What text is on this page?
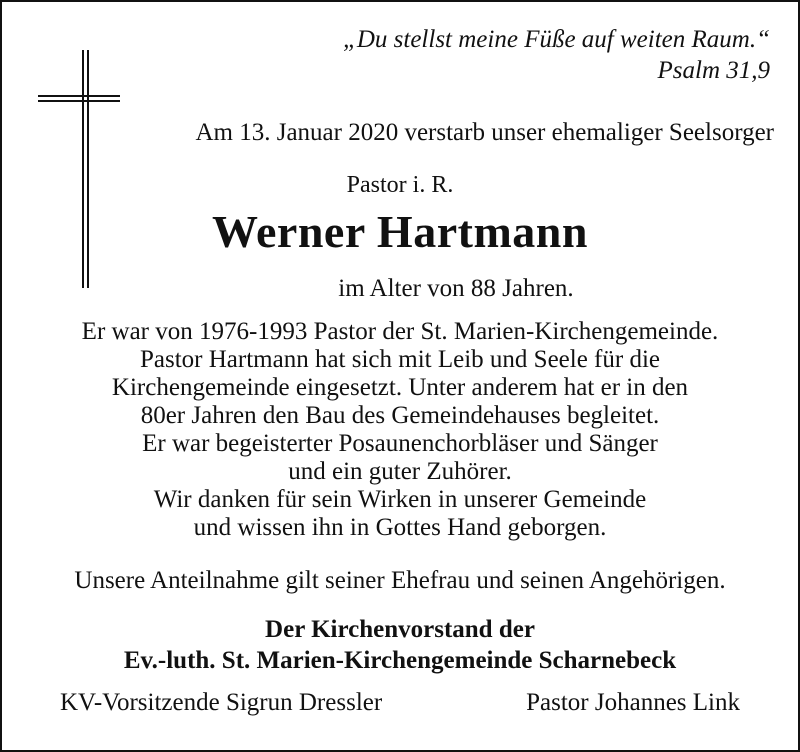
„Du stellst meine Füße auf weiten Raum.“
Psalm 31,9
Am 13. Januar 2020 verstarb unser ehemaliger Seelsorger
Pastor i. R.
Werner Hartmann
im Alter von 88 Jahren.
Er war von 1976-1993 Pastor der St. Marien-Kirchengemeinde.
Pastor Hartmann hat sich mit Leib und Seele für die
Kirchengemeinde eingesetzt. Unter anderem hat er in den
80er Jahren den Bau des Gemeindehauses begleitet.
Er war begeisterter Posaunenchorbläser und Sänger
und ein guter Zuhörer.
Wir danken für sein Wirken in unserer Gemeinde
und wissen ihn in Gottes Hand geborgen.
Unsere Anteilnahme gilt seiner Ehefrau und seinen Angehörigen.
Der Kirchenvorstand der
Ev.-luth. St. Marien-Kirchengemeinde Scharnebeck
KV-Vorsitzende Sigrun Dressler	Pastor Johannes Link
